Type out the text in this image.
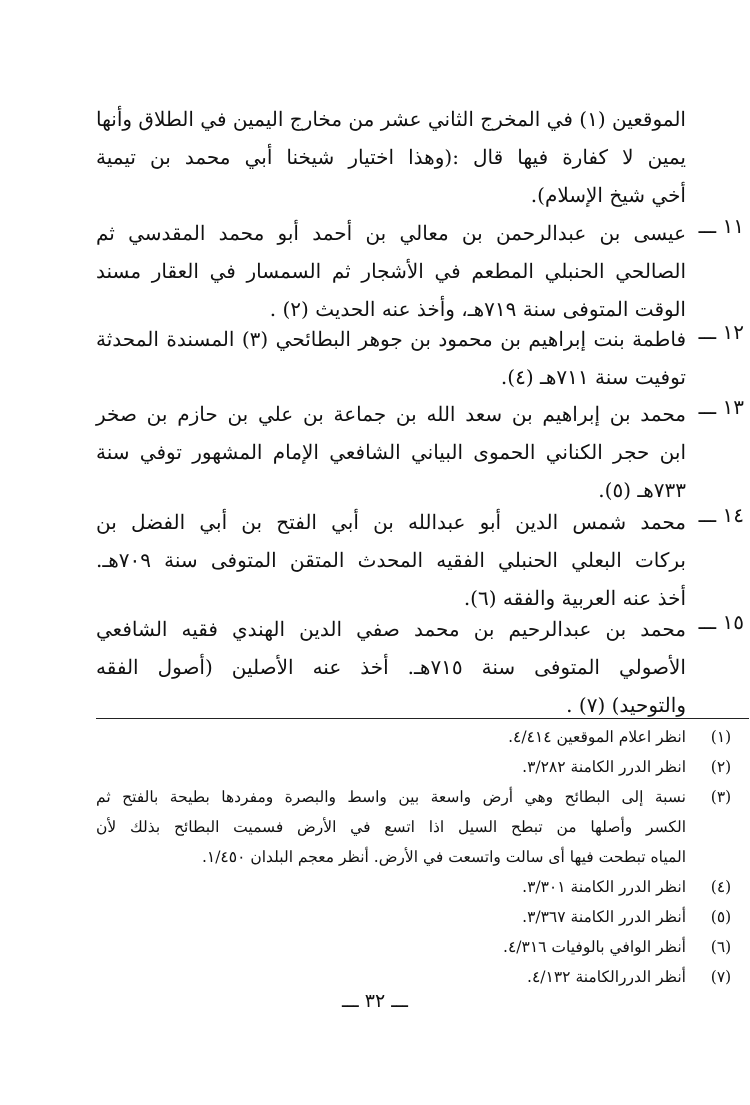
الموقعين (١) في المخرج الثاني عشر من مخارج اليمين في الطلاق وأنها
يمين لا كفارة فيها قال :(وهذا اختيار شيخنا أبي محمد بن تيمية
أخي شيخ الإسلام).
١١ ـــ
عيسى بن عبدالرحمن بن معالي بن أحمد أبو محمد المقدسي ثم
الصالحي الحنبلي المطعم في الأشجار ثم السمسار في العقار مسند
الوقت المتوفى سنة ٧١٩هـ، وأخذ عنه الحديث (٢) .
١٢ ـــ
فاطمة بنت إبراهيم بن محمود بن جوهر البطائحي (٣) المسندة المحدثة
توفيت سنة ٧١١هـ (٤).
١٣ ـــ
محمد بن إبراهيم بن سعد الله بن جماعة بن علي بن حازم بن صخر
ابن حجر الكناني الحموى البياني الشافعي الإمام المشهور توفي سنة
٧٣٣هـ (٥).
١٤ ـــ
محمد شمس الدين أبو عبدالله بن أبي الفتح بن أبي الفضل بن
بركات البعلي الحنبلي الفقيه المحدث المتقن المتوفى سنة ٧٠٩هـ.
أخذ عنه العربية والفقه (٦).
١٥ ـــ
محمد بن عبدالرحيم بن محمد صفي الدين الهندي فقيه الشافعي
الأصولي المتوفى سنة ٧١٥هـ. أخذ عنه الأصلين (أصول الفقه
والتوحيد) (٧) .
(١)
انظر اعلام الموقعين ٤/٤١٤.
(٢)
انظر الدرر الكامنة ٣/٢٨٢.
(٣)
نسبة إلى البطائح وهي أرض واسعة بين واسط والبصرة ومفردها بطيحة بالفتح ثم
الكسر وأصلها من تبطح السيل اذا اتسع في الأرض فسميت البطائح بذلك لأن
المياه تبطحت فيها أى سالت واتسعت في الأرض. أنظر معجم البلدان ١/٤٥٠.
(٤)
انظر الدرر الكامنة ٣/٣٠١.
(٥)
أنظر الدرر الكامنة ٣/٣٦٧.
(٦)
أنظر الوافي بالوفيات ٤/٣١٦.
(٧)
أنظر الدررالكامنة ٤/١٣٢.
ـــ ٣٢ ـــ
